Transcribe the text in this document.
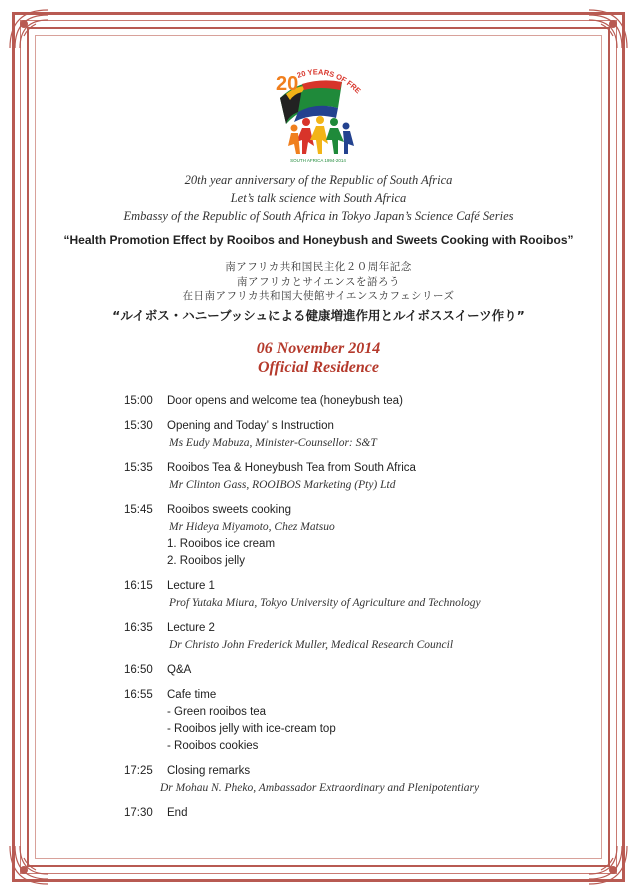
20
20 YEARS OF FRE
SOUTH AFRICA 1994-2014
20th year anniversary of the Republic of South Africa
Let’s talk science with South Africa
Embassy of the Republic of South Africa in Tokyo Japan’s Science Café Series
“Health Promotion Effect by Rooibos and Honeybush and Sweets Cooking with Rooibos”
南アフリカ共和国民主化２０周年記念
南アフリカとサイエンスを語ろう
在日南アフリカ共和国大使館サイエンスカフェシリーズ
“ルイボス・ハニーブッシュによる健康増進作用とルイボススイーツ作り”
06 November 2014
Official Residence
15:00 Door opens and welcome tea (honeybush tea)
15:30 Opening and Today’ s Instruction
Ms Eudy Mabuza, Minister-Counsellor: S&T
15:35 Rooibos Tea & Honeybush Tea from South Africa
Mr Clinton Gass, ROOIBOS Marketing (Pty) Ltd
15:45 Rooibos sweets cooking
Mr Hideya Miyamoto, Chez Matsuo
1. Rooibos ice cream
2. Rooibos jelly
16:15 Lecture 1
Prof Yutaka Miura, Tokyo University of Agriculture and Technology
16:35 Lecture 2
Dr Christo John Frederick Muller, Medical Research Council
16:50 Q&A
16:55 Cafe time
- Green rooibos tea
- Rooibos jelly with ice-cream top
- Rooibos cookies
17:25 Closing remarks
Dr Mohau N. Pheko, Ambassador Extraordinary and Plenipotentiary
17:30 End
